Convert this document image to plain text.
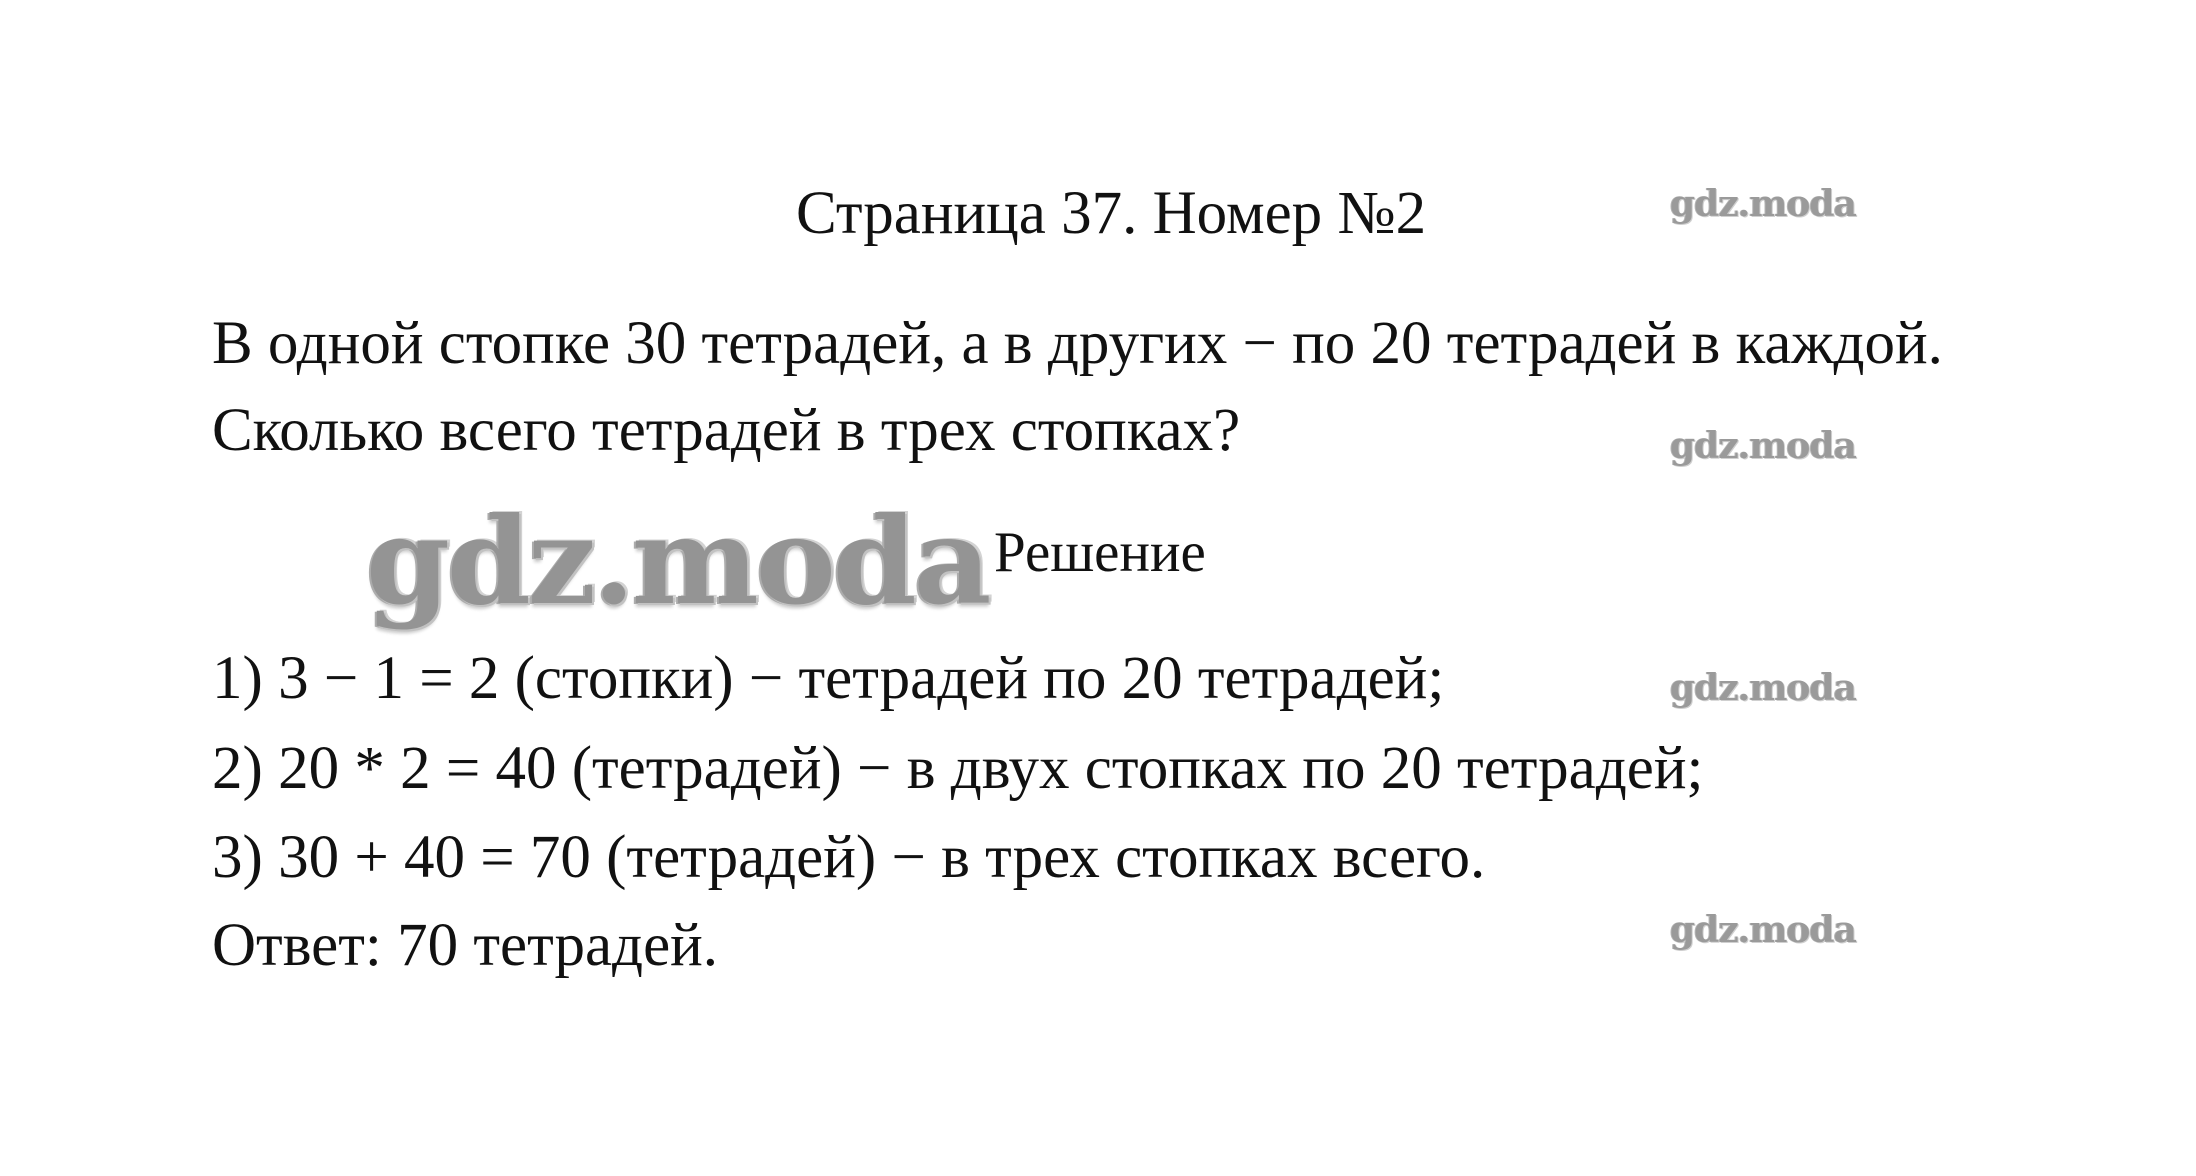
Страница 37. Номер №2
В одной стопке 30 тетрадей, а в других − по 20 тетрадей в каждой.
Сколько всего тетрадей в трех стопках?
Решение
1) 3 − 1 = 2 (стопки) − тетрадей по 20 тетрадей;
2) 20 * 2 = 40 (тетрадей) − в двух стопках по 20 тетрадей;
3) 30 + 40 = 70 (тетрадей) − в трех стопках всего.
Ответ: 70 тетрадей.
gdz.moda
gdz.moda
gdz.moda
gdz.moda
gdz.moda
